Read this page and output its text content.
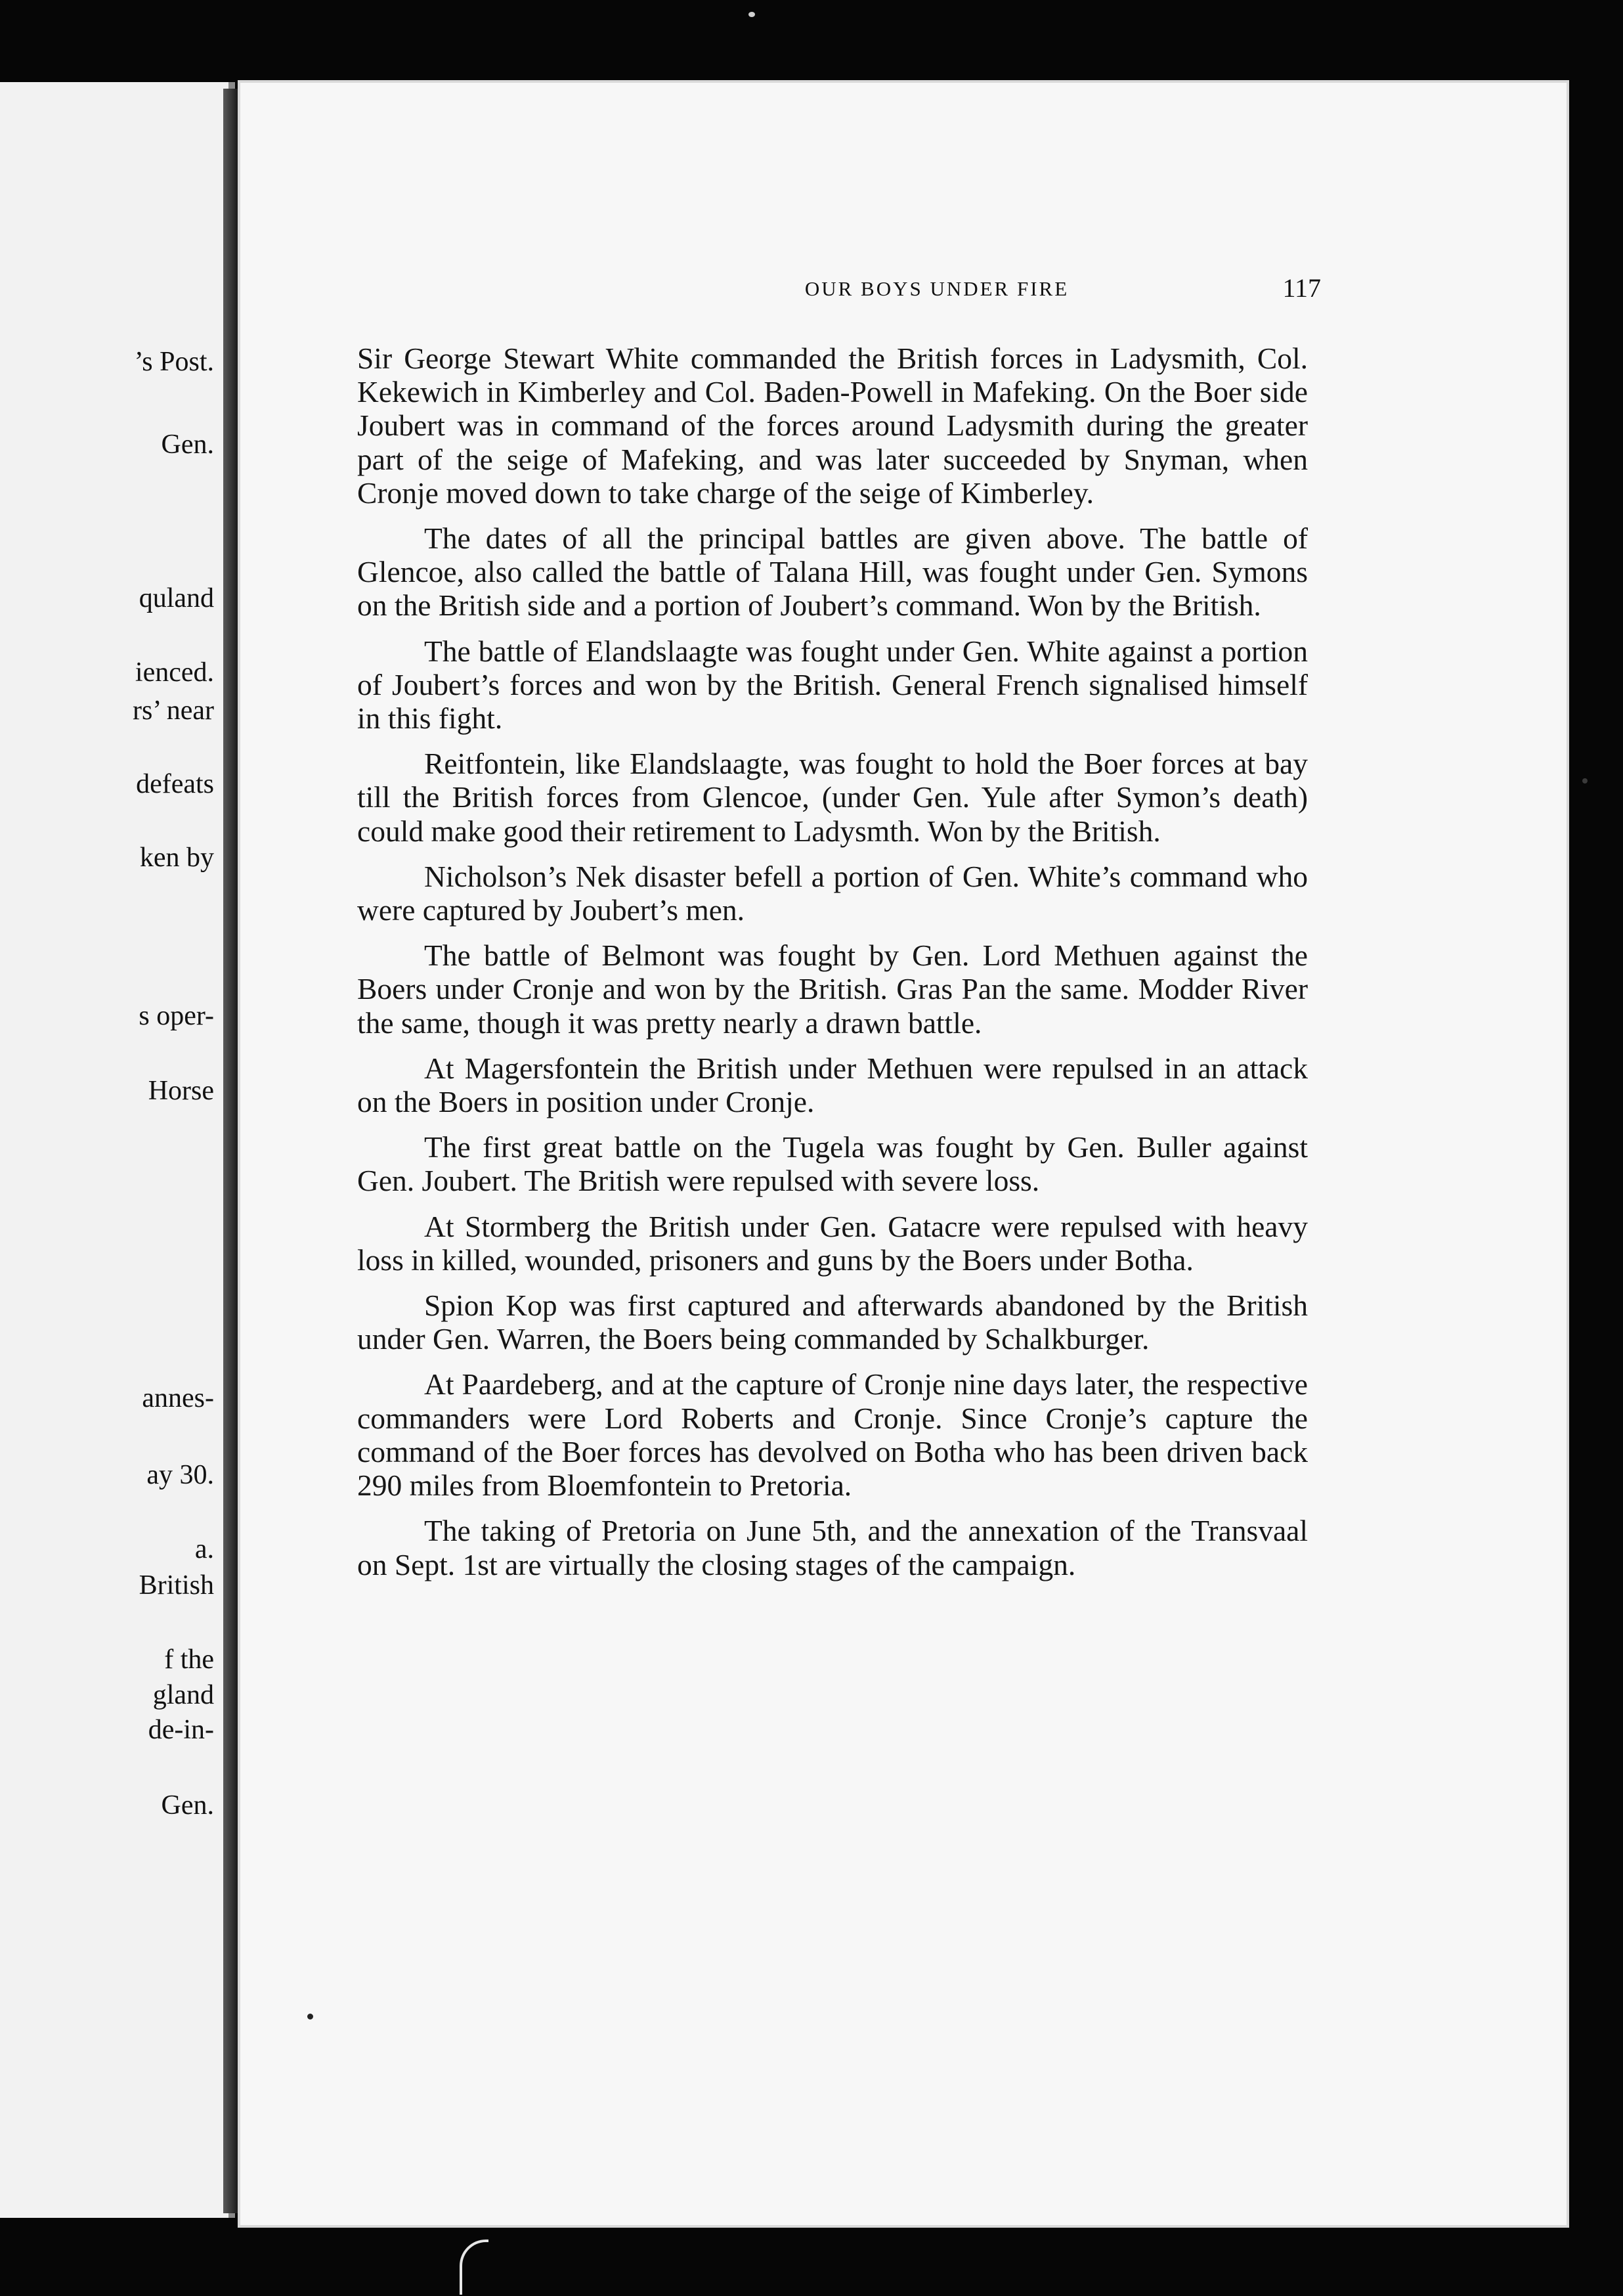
’s Post.
Gen.
quland
ienced.
rs’ near
defeats
ken by
s oper-
Horse
annes-
ay 30.
a.
British
f the
gland
de-in-
Gen.
OUR BOYS UNDER FIRE	117

Sir George Stewart White commanded the British forces in Ladysmith, Col. Kekewich in Kimberley and Col. Baden-Powell in Mafeking. On the Boer side Joubert was in command of the forces around Ladysmith during the greater part of the seige of Mafeking, and was later succeeded by Snyman, when Cronje moved down to take charge of the seige of Kimberley.

The dates of all the principal battles are given above. The battle of Glencoe, also called the battle of Talana Hill, was fought under Gen. Symons on the British side and a portion of Joubert’s command. Won by the British.

The battle of Elandslaagte was fought under Gen. White against a portion of Joubert’s forces and won by the British. General French signalised himself in this fight.

Reitfontein, like Elandslaagte, was fought to hold the Boer forces at bay till the British forces from Glencoe, (under Gen. Yule after Symon’s death) could make good their retirement to Ladysmth. Won by the British.

Nicholson’s Nek disaster befell a portion of Gen. White’s command who were captured by Joubert’s men.

The battle of Belmont was fought by Gen. Lord Methuen against the Boers under Cronje and won by the British. Gras Pan the same. Modder River the same, though it was pretty nearly a drawn battle.

At Magersfontein the British under Methuen were repulsed in an attack on the Boers in position under Cronje.

The first great battle on the Tugela was fought by Gen. Buller against Gen. Joubert. The British were repulsed with severe loss.

At Stormberg the British under Gen. Gatacre were repulsed with heavy loss in killed, wounded, prisoners and guns by the Boers under Botha.

Spion Kop was first captured and afterwards abandoned by the British under Gen. Warren, the Boers being commanded by Schalkburger.

At Paardeberg, and at the capture of Cronje nine days later, the respective commanders were Lord Roberts and Cronje. Since Cronje’s capture the command of the Boer forces has devolved on Botha who has been driven back 290 miles from Bloemfontein to Pretoria.

The taking of Pretoria on June 5th, and the annexation of the Transvaal on Sept. 1st are virtually the closing stages of the campaign.
